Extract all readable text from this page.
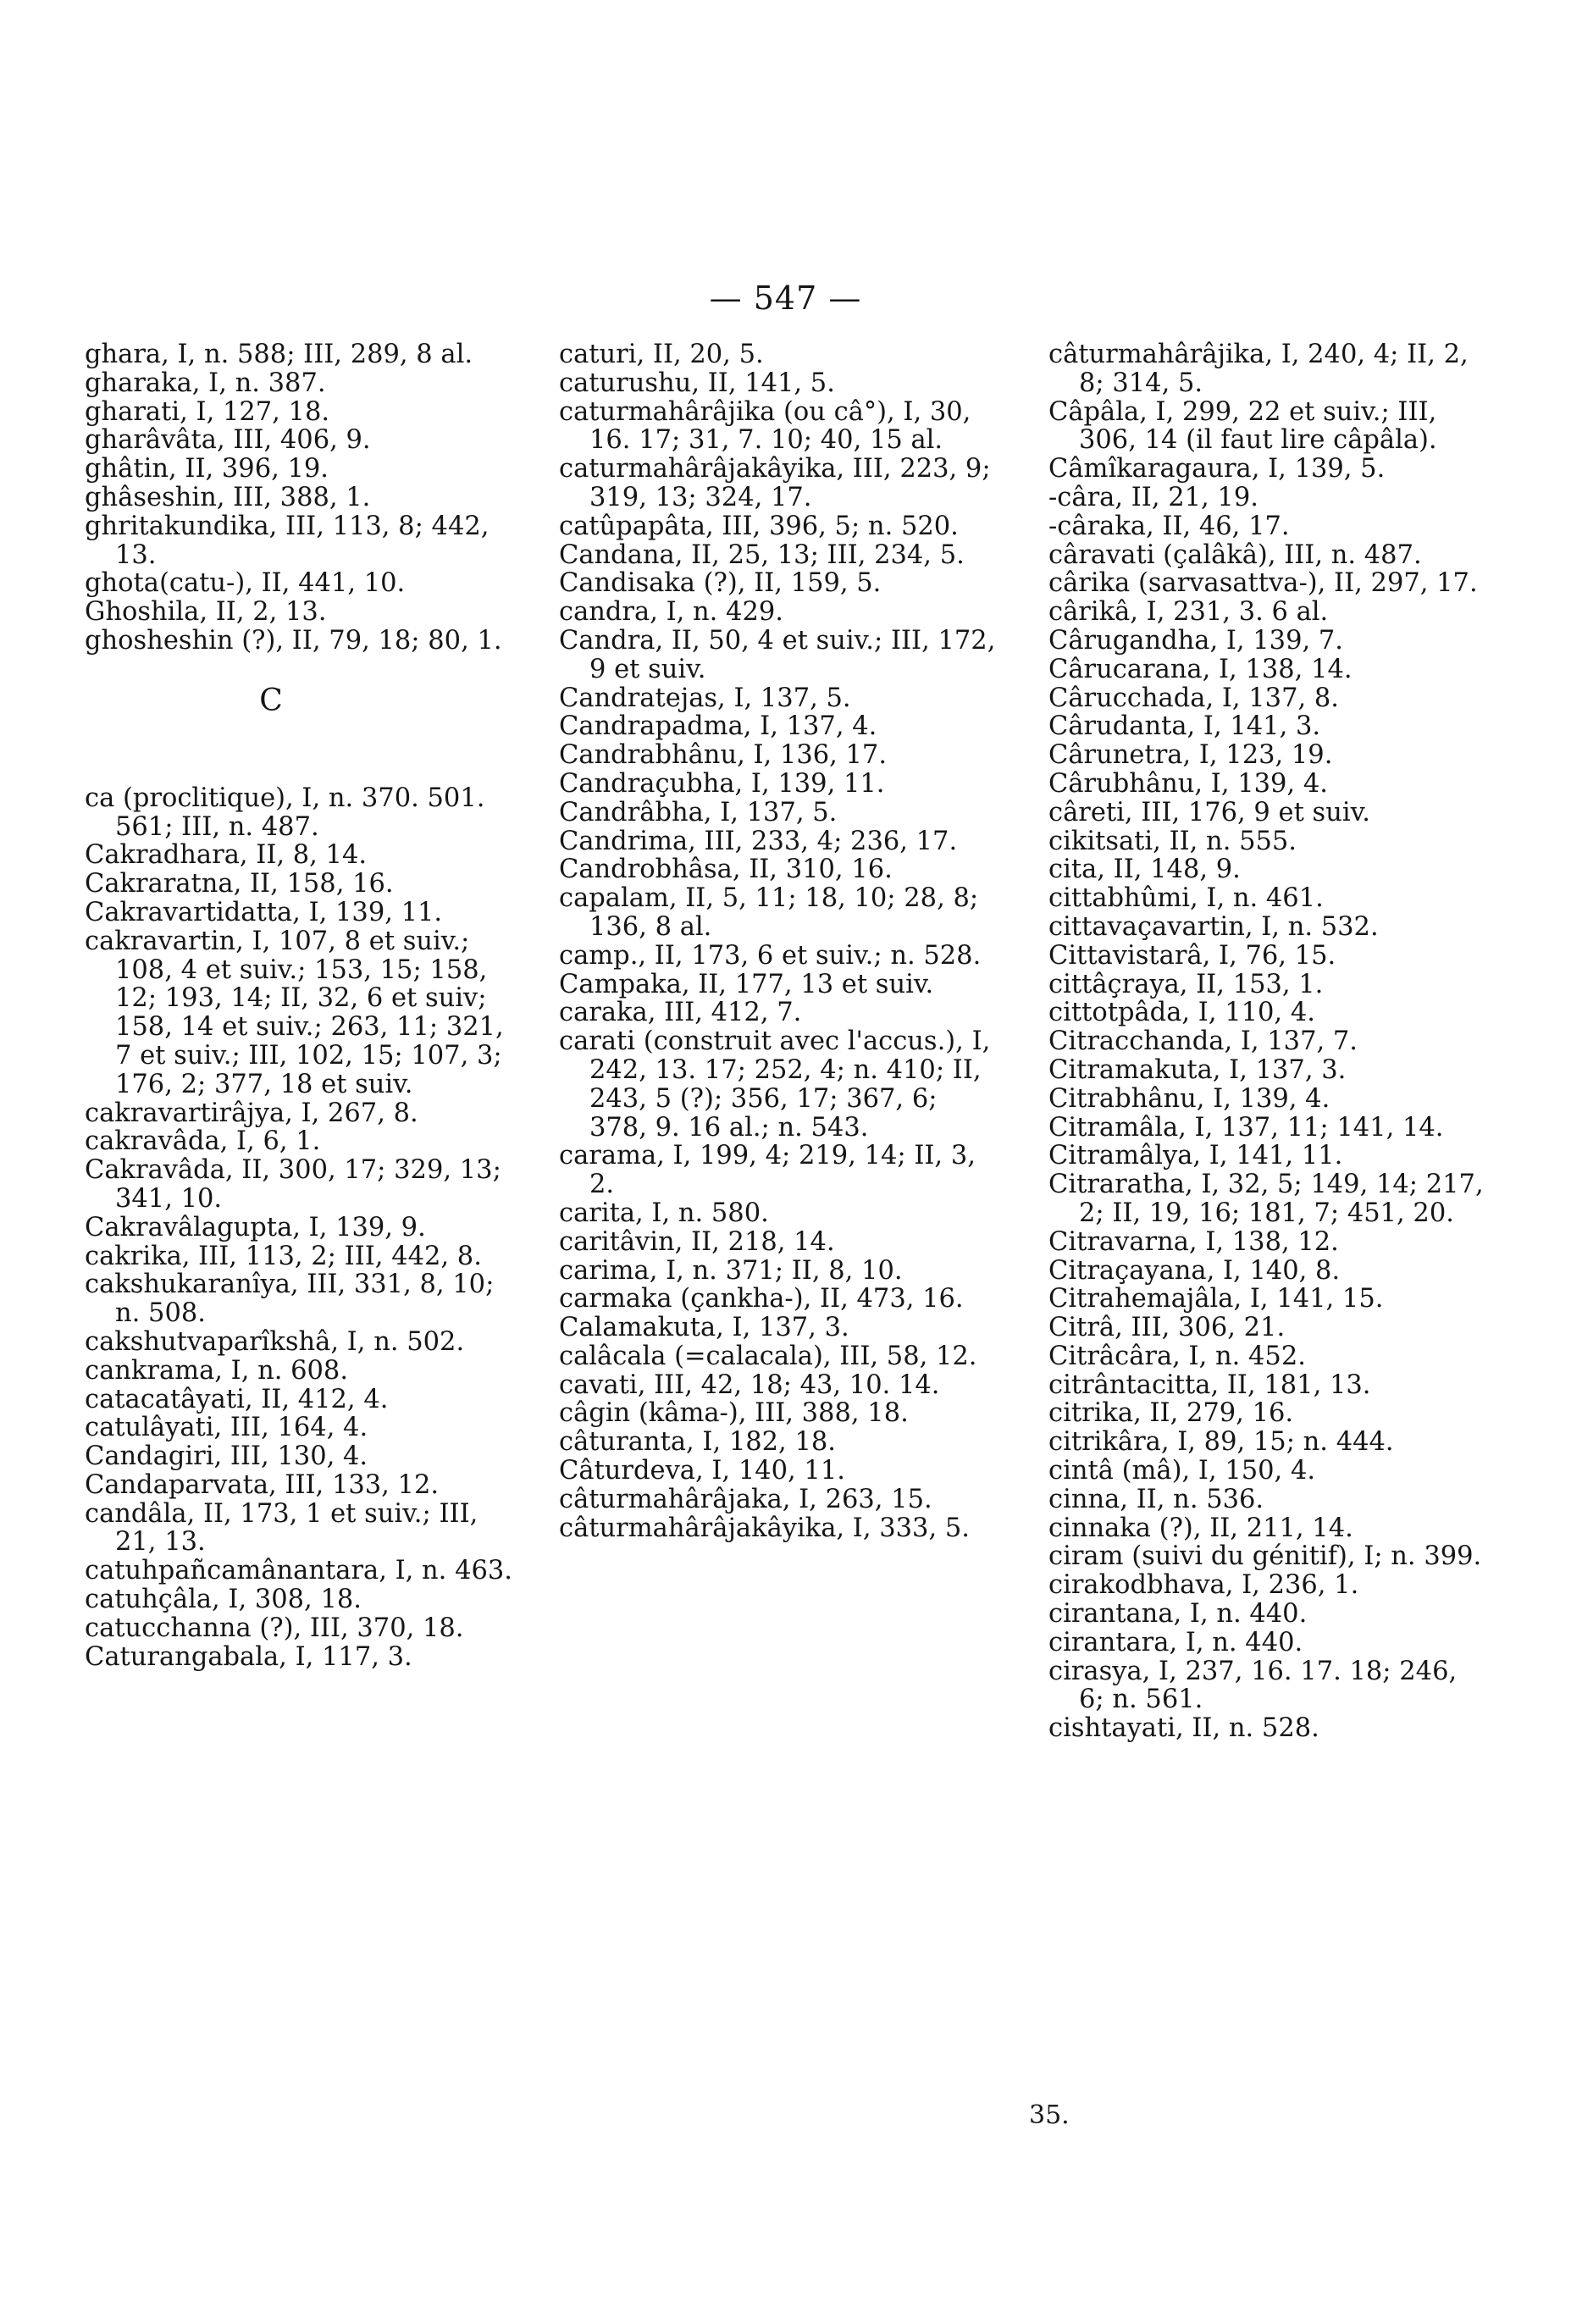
— 547 —
ghara, I, n. 588; III, 289, 8 al.
gharaka, I, n. 387.
gharati, I, 127, 18.
gharâvâta, III, 406, 9.
ghâtin, II, 396, 19.
ghâseshin, III, 388, 1.
ghritakundika, III, 113, 8; 442, 13.
ghota(catu-), II, 441, 10.
Ghoshila, II, 2, 13.
ghosheshin (?), II, 79, 18; 80, 1.
C
ca (proclitique), I, n. 370. 501. 561; III, n. 487.
Cakradhara, II, 8, 14.
Cakraratna, II, 158, 16.
Cakravartidatta, I, 139, 11.
cakravartin, I, 107, 8 et suiv.; 108, 4 et suiv.; 153, 15; 158, 12; 193, 14; II, 32, 6 et suiv; 158, 14 et suiv.; 263, 11; 321, 7 et suiv.; III, 102, 15; 107, 3; 176, 2; 377, 18 et suiv.
cakravartirâjya, I, 267, 8.
cakravâda, I, 6, 1.
Cakravâda, II, 300, 17; 329, 13; 341, 10.
Cakravâlagupta, I, 139, 9.
cakrika, III, 113, 2; III, 442, 8.
cakshukaranîya, III, 331, 8, 10; n. 508.
cakshutvaparîkshâ, I, n. 502.
cankrama, I, n. 608.
catacatâyati, II, 412, 4.
catulâyati, III, 164, 4.
Candagiri, III, 130, 4.
Candaparvata, III, 133, 12.
candâla, II, 173, 1 et suiv.; III, 21, 13.
catuhpañcamânantara, I, n. 463.
catuhçâla, I, 308, 18.
catucchanna (?), III, 370, 18.
Caturangabala, I, 117, 3.
caturi, II, 20, 5.
caturushu, II, 141, 5.
caturmahârâjika (ou câ°), I, 30, 16. 17; 31, 7. 10; 40, 15 al.
caturmahârâjakâyika, III, 223, 9; 319, 13; 324, 17.
catûpapâta, III, 396, 5; n. 520.
Candana, II, 25, 13; III, 234, 5.
Candisaka (?), II, 159, 5.
candra, I, n. 429.
Candra, II, 50, 4 et suiv.; III, 172, 9 et suiv.
Candratejas, I, 137, 5.
Candrapadma, I, 137, 4.
Candrabhânu, I, 136, 17.
Candraçubha, I, 139, 11.
Candrâbha, I, 137, 5.
Candrima, III, 233, 4; 236, 17.
Candrobhâsa, II, 310, 16.
capalam, II, 5, 11; 18, 10; 28, 8; 136, 8 al.
camp., II, 173, 6 et suiv.; n. 528.
Campaka, II, 177, 13 et suiv.
caraka, III, 412, 7.
carati (construit avec l'accus.), I, 242, 13. 17; 252, 4; n. 410; II, 243, 5 (?); 356, 17; 367, 6; 378, 9. 16 al.; n. 543.
carama, I, 199, 4; 219, 14; II, 3, 2.
carita, I, n. 580.
caritâvin, II, 218, 14.
carima, I, n. 371; II, 8, 10.
carmaka (çankha-), II, 473, 16.
Calamakuta, I, 137, 3.
calâcala (=calacala), III, 58, 12.
cavati, III, 42, 18; 43, 10. 14.
câgin (kâma-), III, 388, 18.
câturanta, I, 182, 18.
Câturdeva, I, 140, 11.
câturmahârâjaka, I, 263, 15.
câturmahârâjakâyika, I, 333, 5.
câturmahârâjika, I, 240, 4; II, 2, 8; 314, 5.
Câpâla, I, 299, 22 et suiv.; III, 306, 14 (il faut lire câpâla).
Câmîkaragaura, I, 139, 5.
-câra, II, 21, 19.
-câraka, II, 46, 17.
câravati (çalâkâ), III, n. 487.
cârika (sarvasattva-), II, 297, 17.
cârikâ, I, 231, 3. 6 al.
Cârugandha, I, 139, 7.
Cârucarana, I, 138, 14.
Cârucchada, I, 137, 8.
Cârudanta, I, 141, 3.
Cârunetra, I, 123, 19.
Cârubhânu, I, 139, 4.
câreti, III, 176, 9 et suiv.
cikitsati, II, n. 555.
cita, II, 148, 9.
cittabhûmi, I, n. 461.
cittavaçavartin, I, n. 532.
Cittavistarâ, I, 76, 15.
cittâçraya, II, 153, 1.
cittotpâda, I, 110, 4.
Citracchanda, I, 137, 7.
Citramakuta, I, 137, 3.
Citrabhânu, I, 139, 4.
Citramâla, I, 137, 11; 141, 14.
Citramâlya, I, 141, 11.
Citraratha, I, 32, 5; 149, 14; 217, 2; II, 19, 16; 181, 7; 451, 20.
Citravarna, I, 138, 12.
Citraçayana, I, 140, 8.
Citrahemajâla, I, 141, 15.
Citrâ, III, 306, 21.
Citrâcâra, I, n. 452.
citrântacitta, II, 181, 13.
citrika, II, 279, 16.
citrikâra, I, 89, 15; n. 444.
cintâ (mâ), I, 150, 4.
cinna, II, n. 536.
cinnaka (?), II, 211, 14.
ciram (suivi du génitif), I; n. 399.
cirakodbhava, I, 236, 1.
cirantana, I, n. 440.
cirantara, I, n. 440.
cirasya, I, 237, 16. 17. 18; 246, 6; n. 561.
cishtayati, II, n. 528.
35.
